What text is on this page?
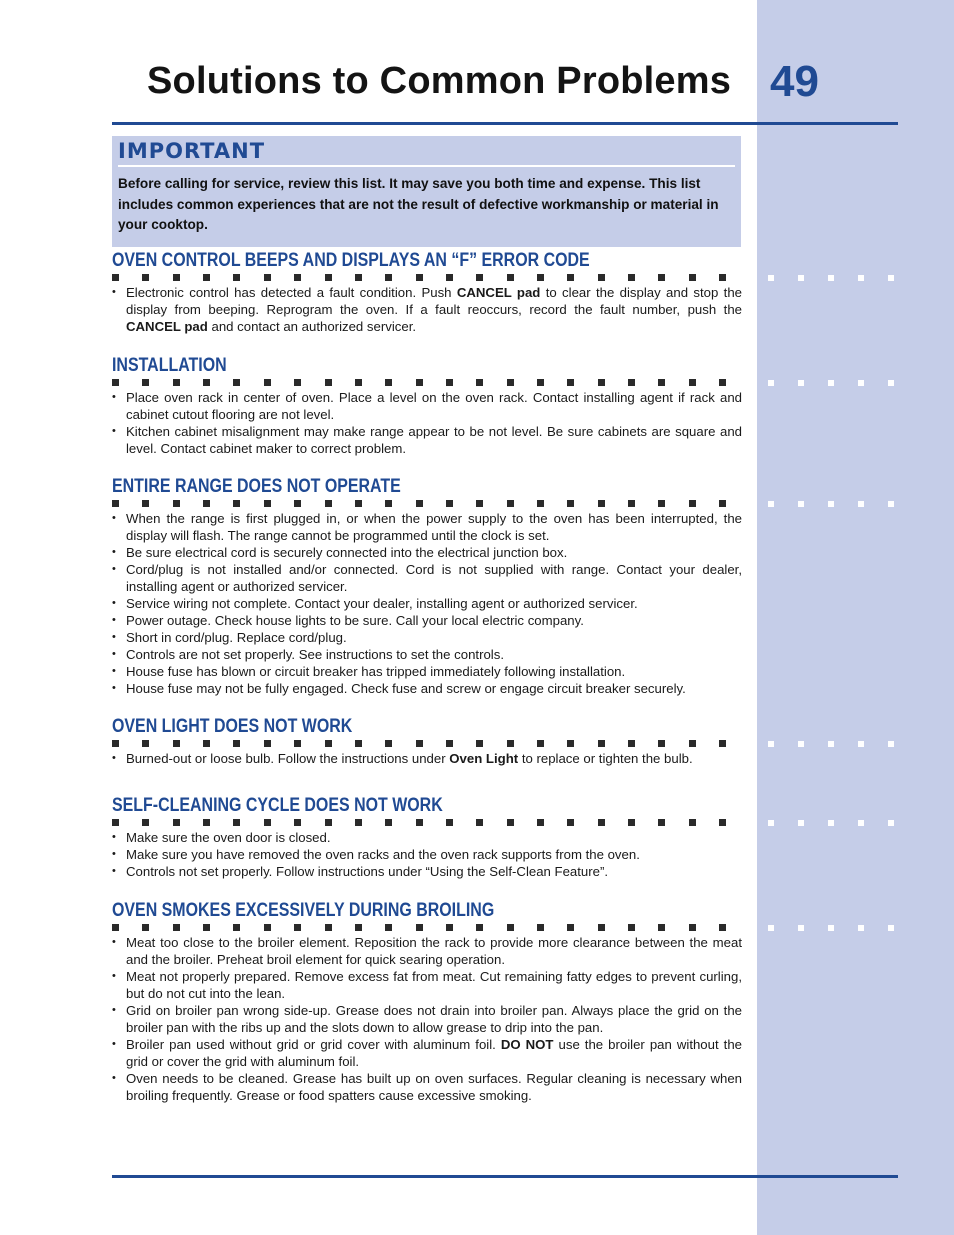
Solutions to Common Problems 49
IMPORTANT
Before calling for service, review this list. It may save you both time and expense. This list includes common experiences that are not the result of defective workmanship or material in your cooktop.
OVEN CONTROL BEEPS AND DISPLAYS AN “F” ERROR CODE
• Electronic control has detected a fault condition. Push CANCEL pad to clear the display and stop the display from beeping. Reprogram the oven. If a fault reoccurs, record the fault number, push the CANCEL pad and contact an authorized servicer.
INSTALLATION
• Place oven rack in center of oven. Place a level on the oven rack. Contact installing agent if rack and cabinet cutout flooring are not level.
• Kitchen cabinet misalignment may make range appear to be not level. Be sure cabinets are square and level. Contact cabinet maker to correct problem.
ENTIRE RANGE DOES NOT OPERATE
• When the range is first plugged in, or when the power supply to the oven has been interrupted, the display will flash. The range cannot be programmed until the clock is set.
• Be sure electrical cord is securely connected into the electrical junction box.
• Cord/plug is not installed and/or connected. Cord is not supplied with range. Contact your dealer, installing agent or authorized servicer.
• Service wiring not complete. Contact your dealer, installing agent or authorized servicer.
• Power outage. Check house lights to be sure. Call your local electric company.
• Short in cord/plug. Replace cord/plug.
• Controls are not set properly. See instructions to set the controls.
• House fuse has blown or circuit breaker has tripped immediately following installation.
• House fuse may not be fully engaged. Check fuse and screw or engage circuit breaker securely.
OVEN LIGHT DOES NOT WORK
• Burned-out or loose bulb. Follow the instructions under Oven Light to replace or tighten the bulb.
SELF-CLEANING CYCLE DOES NOT WORK
• Make sure the oven door is closed.
• Make sure you have removed the oven racks and the oven rack supports from the oven.
• Controls not set properly. Follow instructions under “Using the Self-Clean Feature”.
OVEN SMOKES EXCESSIVELY DURING BROILING
• Meat too close to the broiler element. Reposition the rack to provide more clearance between the meat and the broiler. Preheat broil element for quick searing operation.
• Meat not properly prepared. Remove excess fat from meat. Cut remaining fatty edges to prevent curling, but do not cut into the lean.
• Grid on broiler pan wrong side-up. Grease does not drain into broiler pan. Always place the grid on the broiler pan with the ribs up and the slots down to allow grease to drip into the pan.
• Broiler pan used without grid or grid cover with aluminum foil. DO NOT use the broiler pan without the grid or cover the grid with aluminum foil.
• Oven needs to be cleaned. Grease has built up on oven surfaces. Regular cleaning is necessary when broiling frequently. Grease or food spatters cause excessive smoking.
